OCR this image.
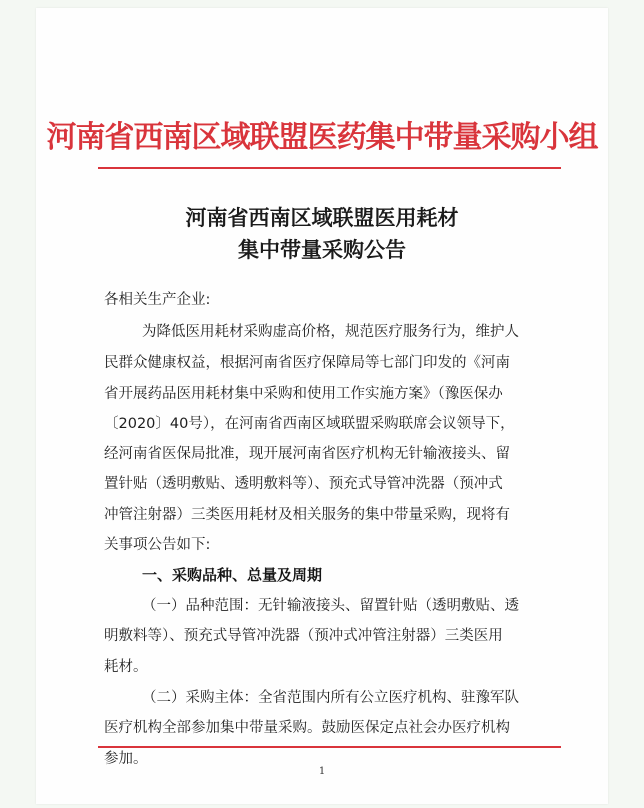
河南省西南区域联盟医药集中带量采购小组
河南省西南区域联盟医用耗材
集中带量采购公告
各相关生产企业:
为降低医用耗材采购虚高价格，规范医疗服务行为，维护人
民群众健康权益，根据河南省医疗保障局等七部门印发的《河南
省开展药品医用耗材集中采购和使用工作实施方案》（豫医保办
〔2020〕40号），在河南省西南区域联盟采购联席会议领导下，
经河南省医保局批准，现开展河南省医疗机构无针输液接头、留
置针贴（透明敷贴、透明敷料等）、预充式导管冲洗器（预冲式
冲管注射器）三类医用耗材及相关服务的集中带量采购，现将有
关事项公告如下:
一、采购品种、总量及周期
（一）品种范围：无针输液接头、留置针贴（透明敷贴、透
明敷料等）、预充式导管冲洗器（预冲式冲管注射器）三类医用
耗材。
（二）采购主体：全省范围内所有公立医疗机构、驻豫军队
医疗机构全部参加集中带量采购。鼓励医保定点社会办医疗机构
参加。
1
